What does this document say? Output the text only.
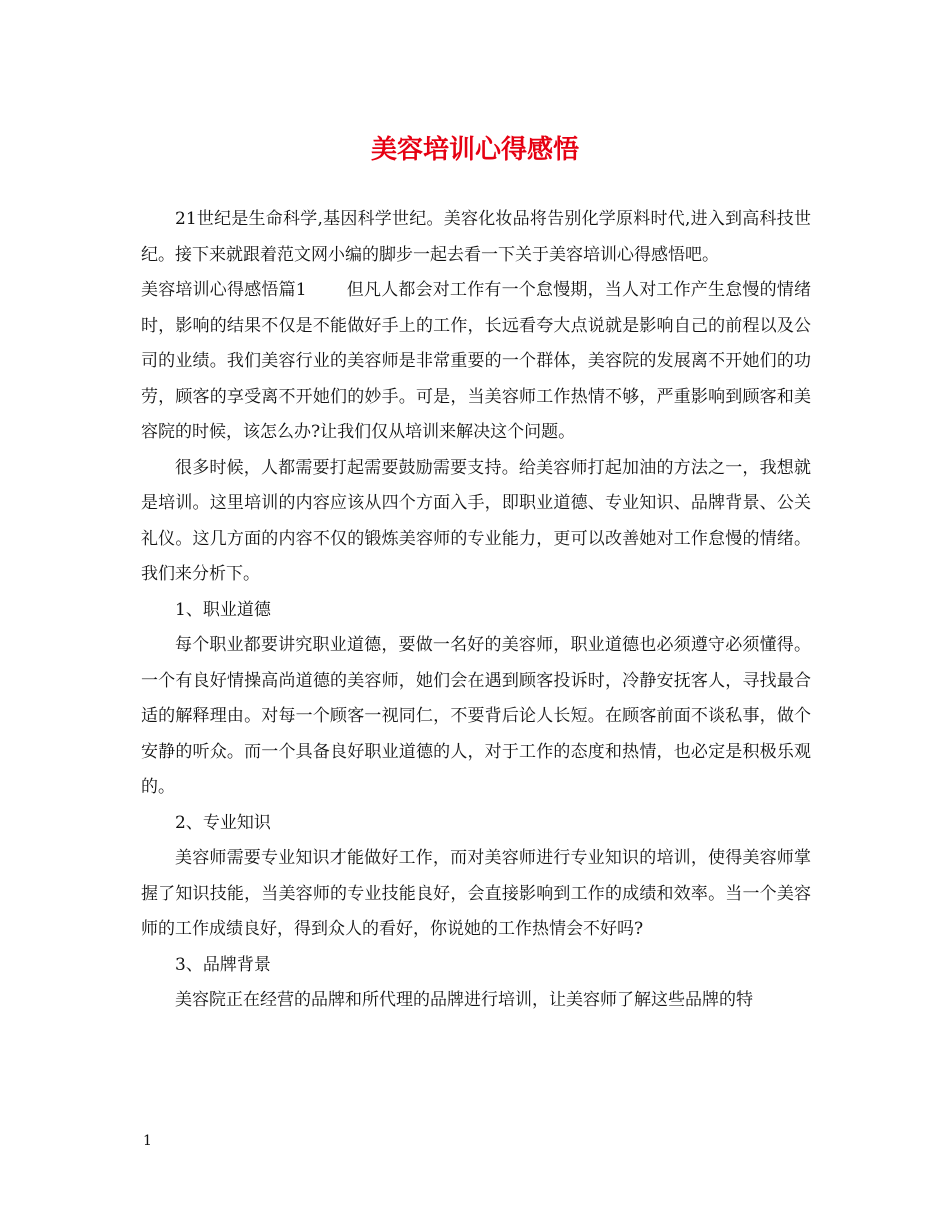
美容培训心得感悟

21世纪是生命科学,基因科学世纪。美容化妆品将告别化学原料时代,进入到高科技世纪。接下来就跟着范文网小编的脚步一起去看一下关于美容培训心得感悟吧。

美容培训心得感悟篇1 但凡人都会对工作有一个怠慢期，当人对工作产生怠慢的情绪时，影响的结果不仅是不能做好手上的工作，长远看夸大点说就是影响自己的前程以及公司的业绩。我们美容行业的美容师是非常重要的一个群体，美容院的发展离不开她们的功劳，顾客的享受离不开她们的妙手。可是，当美容师工作热情不够，严重影响到顾客和美容院的时候，该怎么办?让我们仅从培训来解决这个问题。

很多时候，人都需要打起需要鼓励需要支持。给美容师打起加油的方法之一，我想就是培训。这里培训的内容应该从四个方面入手，即职业道德、专业知识、品牌背景、公关礼仪。这几方面的内容不仅的锻炼美容师的专业能力，更可以改善她对工作怠慢的情绪。我们来分析下。

1、职业道德

每个职业都要讲究职业道德，要做一名好的美容师，职业道德也必须遵守必须懂得。一个有良好情操高尚道德的美容师，她们会在遇到顾客投诉时，冷静安抚客人，寻找最合适的解释理由。对每一个顾客一视同仁，不要背后论人长短。在顾客前面不谈私事，做个安静的听众。而一个具备良好职业道德的人，对于工作的态度和热情，也必定是积极乐观的。

2、专业知识

美容师需要专业知识才能做好工作，而对美容师进行专业知识的培训，使得美容师掌握了知识技能，当美容师的专业技能良好，会直接影响到工作的成绩和效率。当一个美容师的工作成绩良好，得到众人的看好，你说她的工作热情会不好吗?

3、品牌背景

美容院正在经营的品牌和所代理的品牌进行培训，让美容师了解这些品牌的特

1
